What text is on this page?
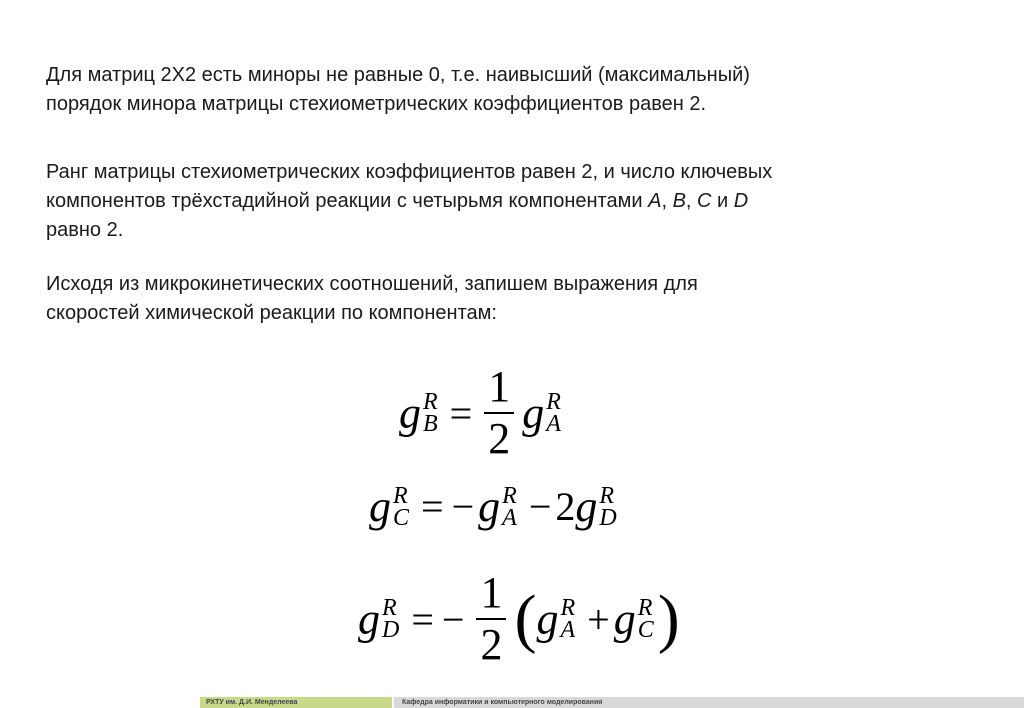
Для матриц 2Х2 есть миноры не равные 0, т.е. наивысший (максимальный)
порядок минора матрицы стехиометрических коэффициентов равен 2.

Ранг матрицы стехиометрических коэффициентов равен 2, и число ключевых
компонентов трёхстадийной реакции с четырьмя компонентами A, B, C и D
равно 2.

Исходя из микрокинетических соотношений, запишем выражения для
скоростей химической реакции по компонентам:

g R
$B = \frac{1}{2}$ g R
A
g R
C = −g R
A − 2g R
D
g R
D = − $\frac{1}{2} (g$ R
A +g R
C )
РХТУ им. Д.И. Менделеева	Кафедра информатики и компьютерного моделирования
